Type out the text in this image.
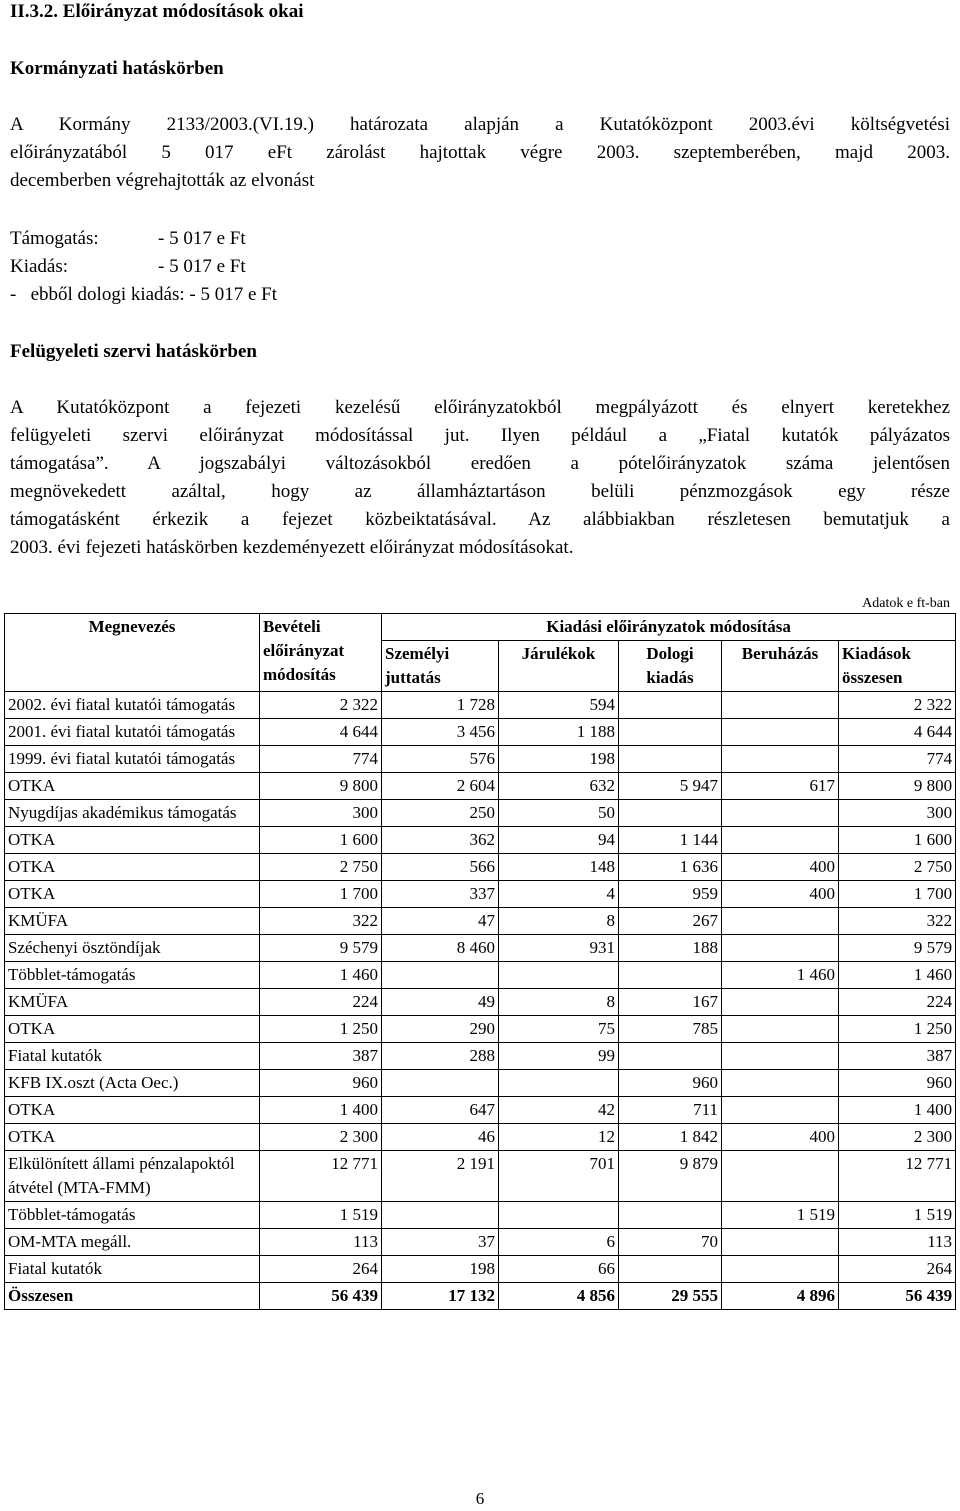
II.3.2. Előirányzat módosítások okai
Kormányzati hatáskörben
A Kormány 2133/2003.(VI.19.) határozata alapján a Kutatóközpont 2003.évi költségvetési
előirányzatából 5 017 eFt zárolást hajtottak végre 2003. szeptemberében, majd 2003.
decemberben végrehajtották az elvonást
Támogatás:	- 5 017 e Ft
Kiadás:	- 5 017 e Ft
-   ebből dologi kiadás: - 5 017 e Ft
Felügyeleti szervi hatáskörben
A Kutatóközpont a fejezeti kezelésű előirányzatokból megpályázott és elnyert keretekhez
felügyeleti szervi előirányzat módosítással jut. Ilyen például a „Fiatal kutatók pályázatos
támogatása”. A jogszabályi változásokból eredően a pótelőirányzatok száma jelentősen
megnövekedett azáltal, hogy az államháztartáson belüli pénzmozgások egy része
támogatásként érkezik a fejezet közbeiktatásával. Az alábbiakban részletesen bemutatjuk a
2003. évi fejezeti hatáskörben kezdeményezett előirányzat módosításokat.
Adatok e ft-ban
Megnevezés	Bevételi előirányzat módosítás	Kiadási előirányzatok módosítása				
		Személyi juttatás	Járulékok	Dologi kiadás	Beruházás	Kiadások összesen
2002. évi fiatal kutatói támogatás	2 322	1 728	594			2 322
2001. évi fiatal kutatói támogatás	4 644	3 456	1 188			4 644
1999. évi fiatal kutatói támogatás	774	576	198			774
OTKA	9 800	2 604	632	5 947	617	9 800
Nyugdíjas akadémikus támogatás	300	250	50			300
OTKA	1 600	362	94	1 144		1 600
OTKA	2 750	566	148	1 636	400	2 750
OTKA	1 700	337	4	959	400	1 700
KMÜFA	322	47	8	267		322
Széchenyi ösztöndíjak	9 579	8 460	931	188		9 579
Többlet-támogatás	1 460				1 460	1 460
KMÜFA	224	49	8	167		224
OTKA	1 250	290	75	785		1 250
Fiatal kutatók	387	288	99			387
KFB IX.oszt (Acta Oec.)	960			960		960
OTKA	1 400	647	42	711		1 400
OTKA	2 300	46	12	1 842	400	2 300
Elkülönített állami pénzalapoktól átvétel (MTA-FMM)	12 771	2 191	701	9 879		12 771
Többlet-támogatás	1 519				1 519	1 519
OM-MTA megáll.	113	37	6	70		113
Fiatal kutatók	264	198	66			264
Összesen	56 439	17 132	4 856	29 555	4 896	56 439
6
